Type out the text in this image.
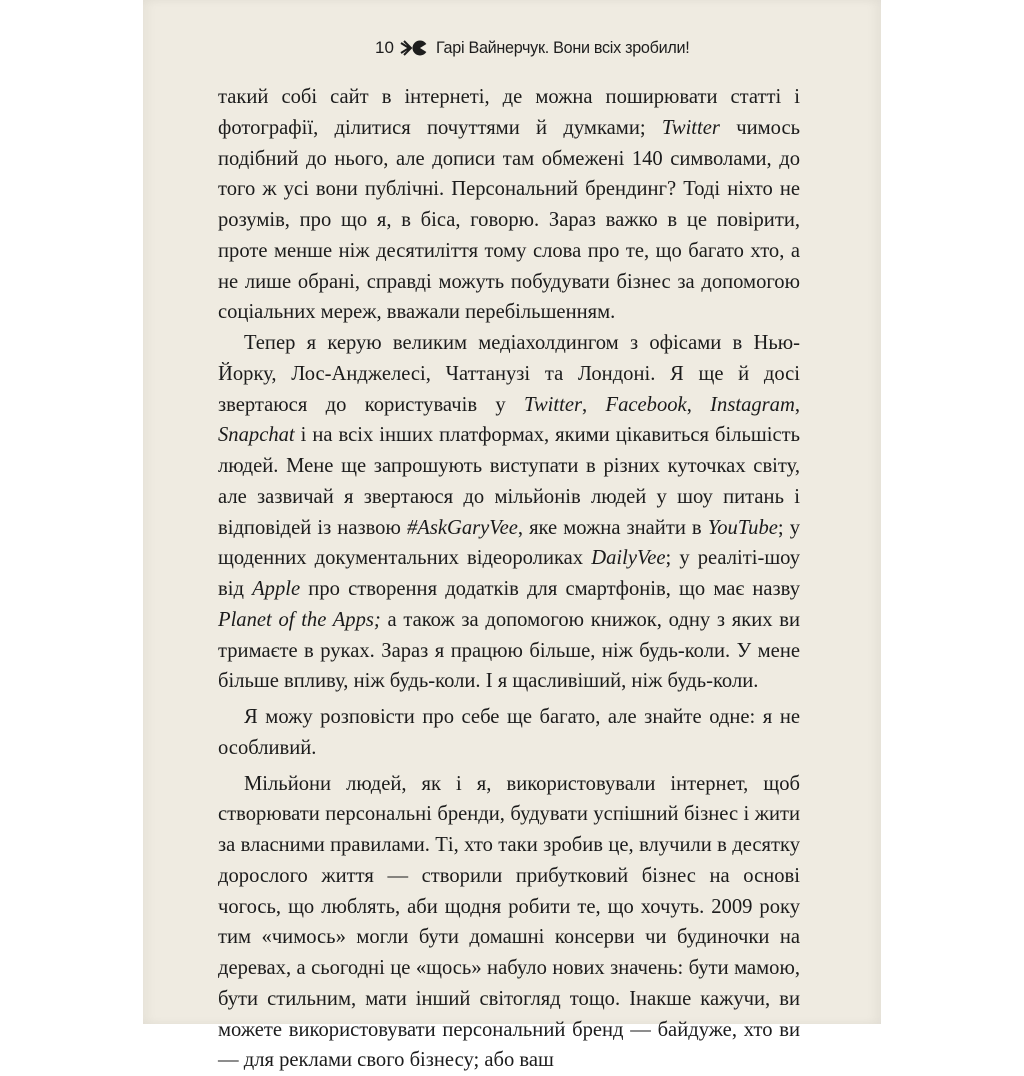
10 Гарі Вайнерчук. Вони всіх зробили!

такий собі сайт в інтернеті, де можна поширювати статті і фотографії, ділитися почуттями й думками; Twitter чимось подібний до нього, але дописи там обмежені 140 символами, до того ж усі вони публічні. Персональний брендинг? Тоді ніхто не розумів, про що я, в біса, говорю. Зараз важко в це повірити, проте менше ніж десятиліття тому слова про те, що багато хто, а не лише обрані, справді можуть побудувати бізнес за допомогою соціальних мереж, вважали перебільшенням.

Тепер я керую великим медіахолдингом з офісами в Нью-Йорку, Лос-Анджелесі, Чаттанузі та Лондоні. Я ще й досі звертаюся до користувачів у Twitter, Facebook, Instagram, Snapchat і на всіх інших платформах, якими цікавиться більшість людей. Мене ще запрошують виступати в різних куточках світу, але зазвичай я звертаюся до мільйонів людей у шоу питань і відповідей із назвою #AskGaryVee, яке можна знайти в YouTube; у щоденних документальних відеороликах DailyVee; у реаліті-шоу від Apple про створення додатків для смартфонів, що має назву Planet of the Apps; а також за допомогою книжок, одну з яких ви тримаєте в руках. Зараз я працюю більше, ніж будь-коли. У мене більше впливу, ніж будь-коли. І я щасливіший, ніж будь-коли.

Я можу розповісти про себе ще багато, але знайте одне: я не особливий.

Мільйони людей, як і я, використовували інтернет, щоб створювати персональні бренди, будувати успішний бізнес і жити за власними правилами. Ті, хто таки зробив це, влучили в десятку дорослого життя — створили прибутковий бізнес на основі чогось, що люблять, аби щодня робити те, що хочуть. 2009 року тим «чимось» могли бути домашні консерви чи будиночки на деревах, а сьогодні це «щось» набуло нових значень: бути мамою, бути стильним, мати інший світогляд тощо. Інакше кажучи, ви можете використовувати персональний бренд — байдуже, хто ви — для реклами свого бізнесу; або ваш
